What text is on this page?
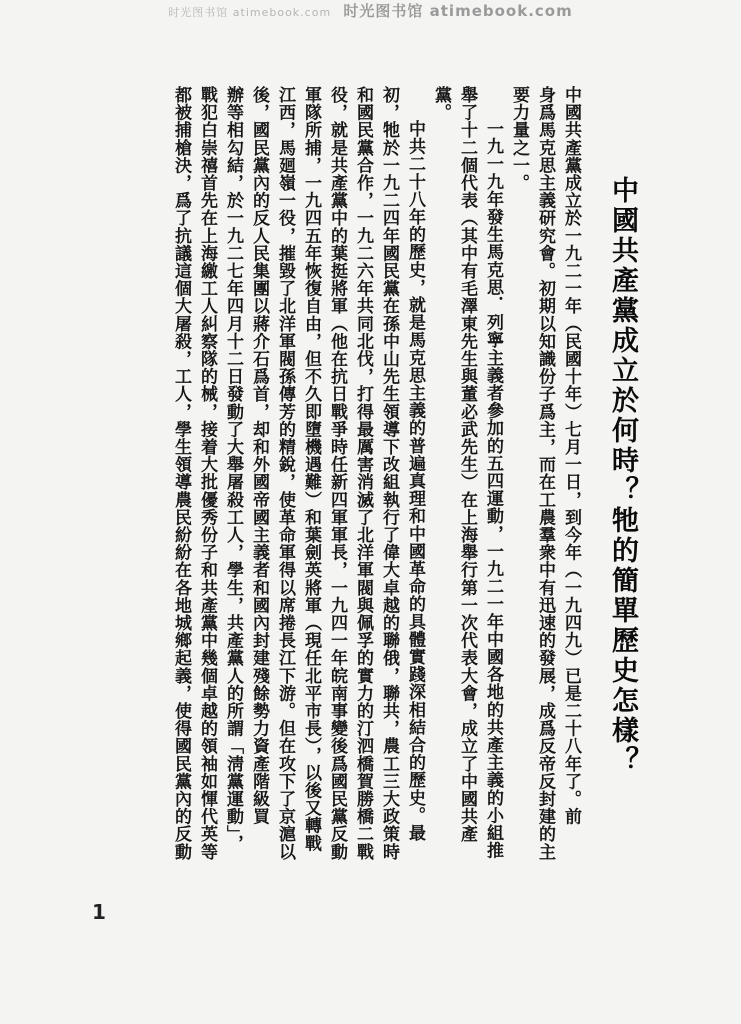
时光图书馆 atimebook.com 时光图书馆 atimebook.com
中國共產黨成立於何時？牠的簡單歷史怎樣？
中國共產黨成立於一九二一年（民國十年）七月一日，到今年（一九四九）已是二十八年了。前
身爲馬克思主義研究會。初期以知識份子爲主，而在工農羣衆中有迅速的發展，成爲反帝反封建的主
要力量之一。
一九一九年發生馬克思．列寧主義者參加的五四運動，一九二一年中國各地的共產主義的小組推
舉了十二個代表（其中有毛澤東先生與董必武先生）在上海舉行第一次代表大會，成立了中國共產
黨。
中共二十八年的歷史，就是馬克思主義的普遍真理和中國革命的具體實踐深相結合的歷史。最
初，牠於一九二四年國民黨在孫中山先生領導下改組執行了偉大卓越的聯俄，聯共，農工三大政策時
和國民黨合作，一九二六年共同北伐，打得最厲害消滅了北洋軍閥與佩孚的實力的汀泗橋賀勝橋二戰
役，就是共產黨中的葉挺將軍（他在抗日戰爭時任新四軍軍長，一九四一年皖南事變後爲國民黨反動
軍隊所捕，一九四五年恢復自由，但不久即墮機遇難）和葉劍英將軍（現任北平市長），以後又轉戰
江西，馬廻嶺一役，摧毀了北洋軍閥孫傳芳的精銳，使革命軍得以席捲長江下游。但在攻下了京滬以
後，國民黨內的反人民集團以蔣介石爲首，却和外國帝國主義者和國內封建殘餘勢力資產階級買
辦等相勾結，於一九二七年四月十二日發動了大舉屠殺工人，學生，共產黨人的所謂「淸黨運動」，
戰犯白崇禧首先在上海繳工人糾察隊的械，接着大批優秀份子和共產黨中幾個卓越的領袖如惲代英等
都被捕槍決，爲了抗議這個大屠殺，工人，學生領導農民紛紛在各地城鄉起義，使得國民黨內的反動
1
